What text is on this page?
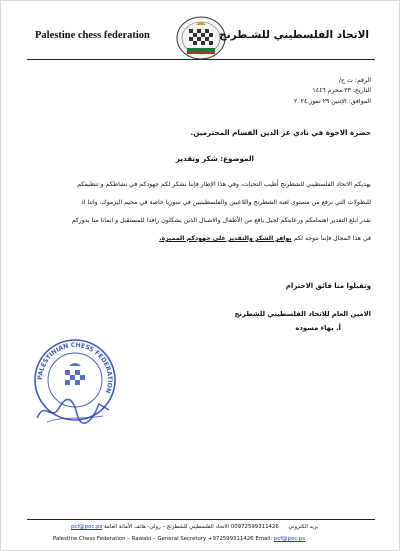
Palestine chess federation	الاتحاد الفلسطيني للشـطرنج
الرقم: ت ح/
التاريخ: ٢٣ محرم ١٤٤٦
الموافق: الإثنين ٢٩ تموز ٢٠٢٤
حضرة الاخوة في نادي عز الدين القسام المحترمين.
الموضوع: شكر وتقدير
يهديكم الاتحاد الفلسطيني للشطرنج أطيب التحيات، وفي هذا الإطار فإننا نشكر لكم جهودكم في نشاطكم و تنظيمكم
للبطولات التي ترفع من مستوى لعبة الشطرنج واللاعبين والفلسطينيين في سوريا خاصة في مخيم اليرموك، واننا اذ
نقدر ابلغ التقدير اهتمامكم ورعايتكم لجيل يافع من الأطفال والاشبال الذين يشكلون رافدا للمستقبل و ايمانا منا بدوركم
في هذا المجال فإننا نتوجه لكم بوافر الشكر والتقدير على جهودكم المميزة.
وتقبلوا منا فائق الاحترام
الامين العام للاتحاد الفلسطيني للشطرنج
أ. بهاء مسوده
PALESTINIAN CHESS FEDERATION
pcf@poc.ps	بريد الكتروني 00972599311426 الاتحاد الفلسطيني للشطرنج – رولي- هاتف الأمانة العامة
Palestine Chess Federation – Rawabi – General Secretory +972599311426 Email: pcf@poc.ps
